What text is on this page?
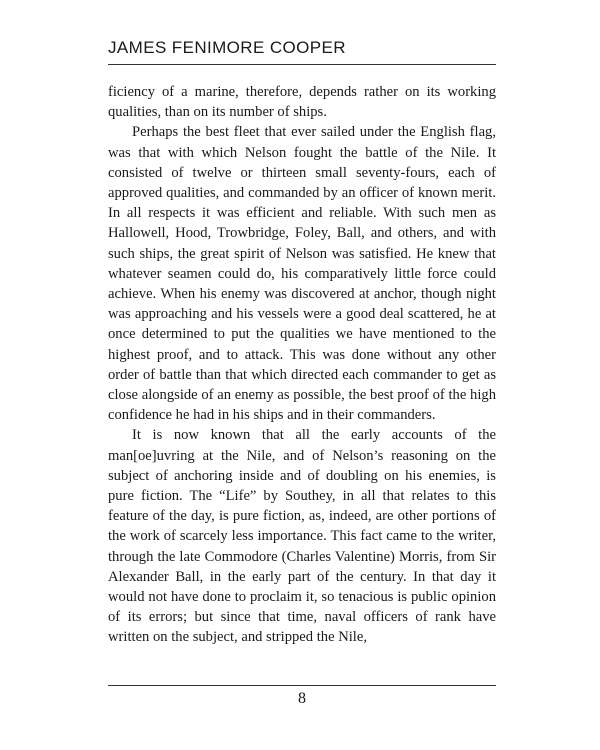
JAMES FENIMORE COOPER

ficiency of a marine, therefore, depends rather on its working qualities, than on its number of ships.

Perhaps the best fleet that ever sailed under the English flag, was that with which Nelson fought the battle of the Nile. It consisted of twelve or thirteen small seventy-fours, each of approved qualities, and commanded by an officer of known merit. In all respects it was efficient and reliable. With such men as Hallowell, Hood, Trowbridge, Foley, Ball, and others, and with such ships, the great spirit of Nelson was satisfied. He knew that whatever seamen could do, his comparatively little force could achieve. When his enemy was discovered at anchor, though night was approaching and his vessels were a good deal scattered, he at once determined to put the qualities we have mentioned to the highest proof, and to attack. This was done without any other order of battle than that which directed each commander to get as close alongside of an enemy as possible, the best proof of the high confidence he had in his ships and in their commanders.

It is now known that all the early accounts of the man[oe]uvring at the Nile, and of Nelson’s reasoning on the subject of anchoring inside and of doubling on his enemies, is pure fiction. The “Life” by Southey, in all that relates to this feature of the day, is pure fiction, as, indeed, are other portions of the work of scarcely less importance. This fact came to the writer, through the late Commodore (Charles Valentine) Morris, from Sir Alexander Ball, in the early part of the century. In that day it would not have done to proclaim it, so tenacious is public opinion of its errors; but since that time, naval officers of rank have written on the subject, and stripped the Nile,

8
